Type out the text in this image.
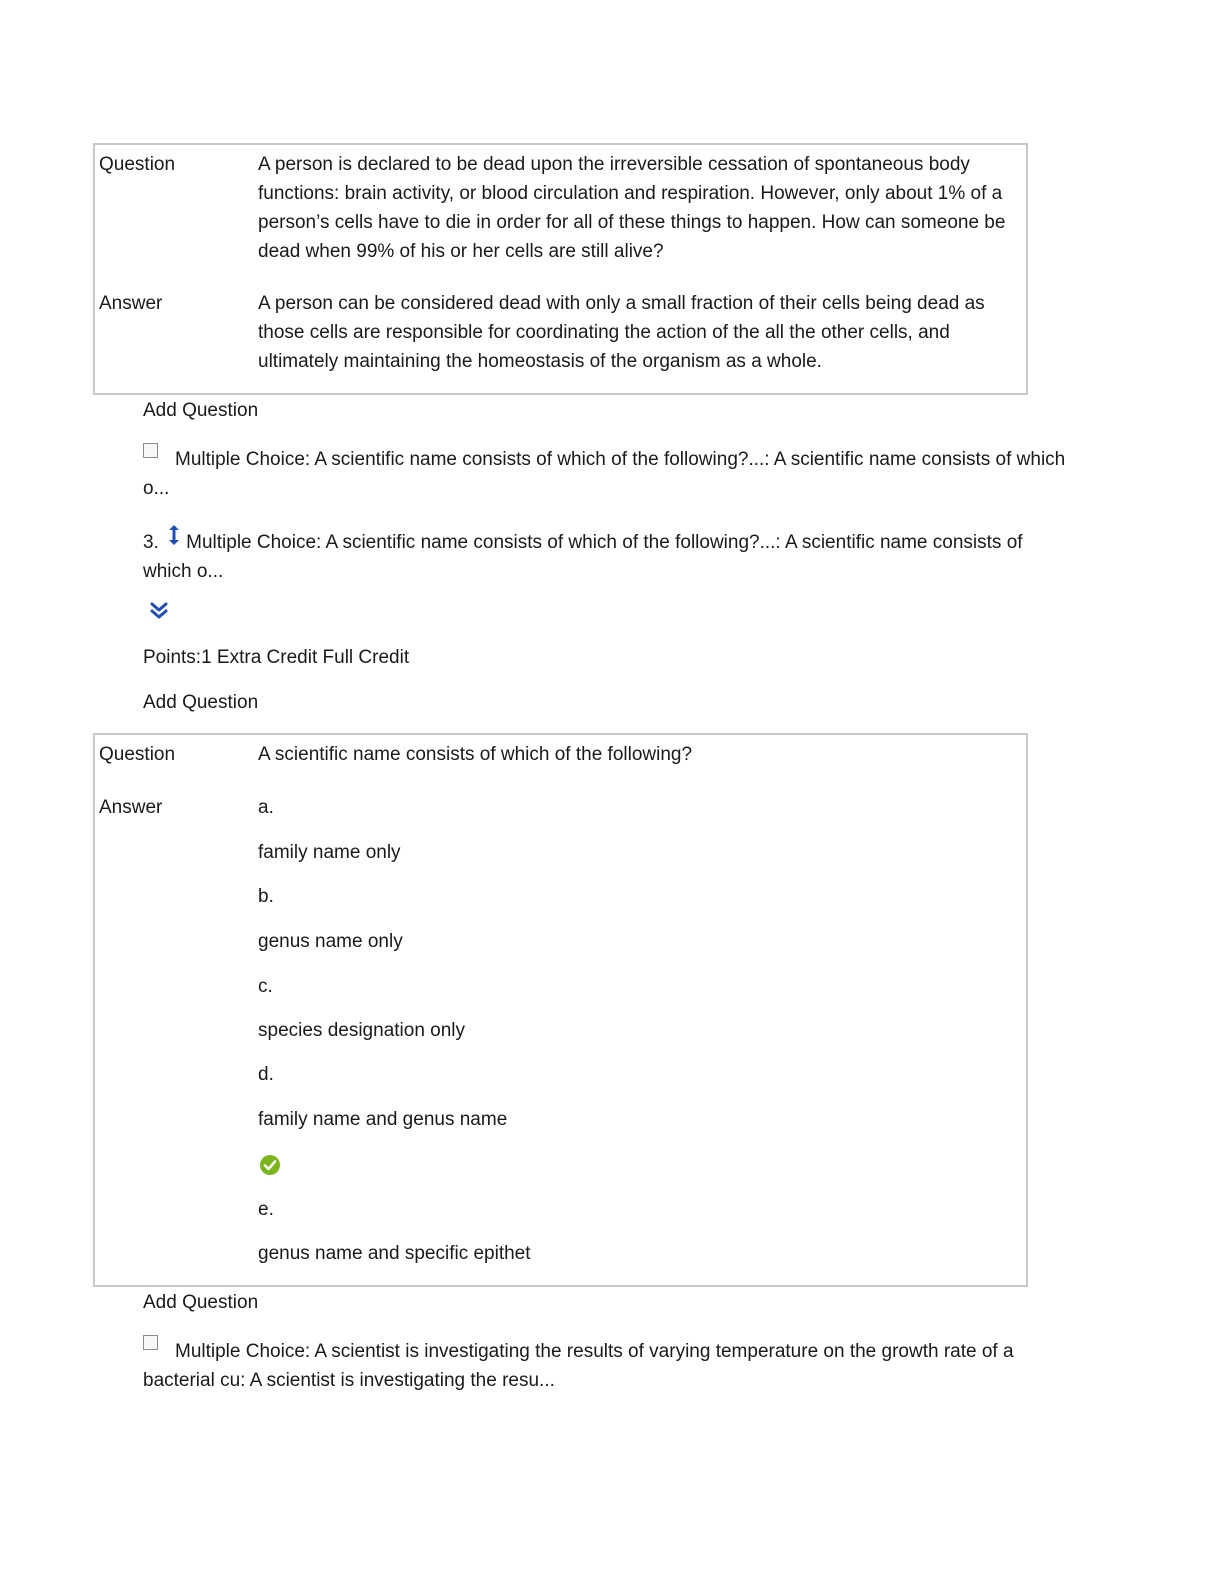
Question	A person is declared to be dead upon the irreversible cessation of spontaneous body functions: brain activity, or blood circulation and respiration. However, only about 1% of a person’s cells have to die in order for all of these things to happen. How can someone be dead when 99% of his or her cells are still alive?
Answer	A person can be considered dead with only a small fraction of their cells being dead as those cells are responsible for coordinating the action of the all the other cells, and ultimately maintaining the homeostasis of the organism as a whole.
Add Question
Multiple Choice: A scientific name consists of which of the following?...: A scientific name consists of which o...
3. Multiple Choice: A scientific name consists of which of the following?...: A scientific name consists of which o...
Points:1 Extra Credit Full Credit
Add Question
Question	A scientific name consists of which of the following?
Answer	a.
family name only
b.
genus name only
c.
species designation only
d.
family name and genus name
e.
genus name and specific epithet
Add Question
Multiple Choice: A scientist is investigating the results of varying temperature on the growth rate of a bacterial cu: A scientist is investigating the resu...
